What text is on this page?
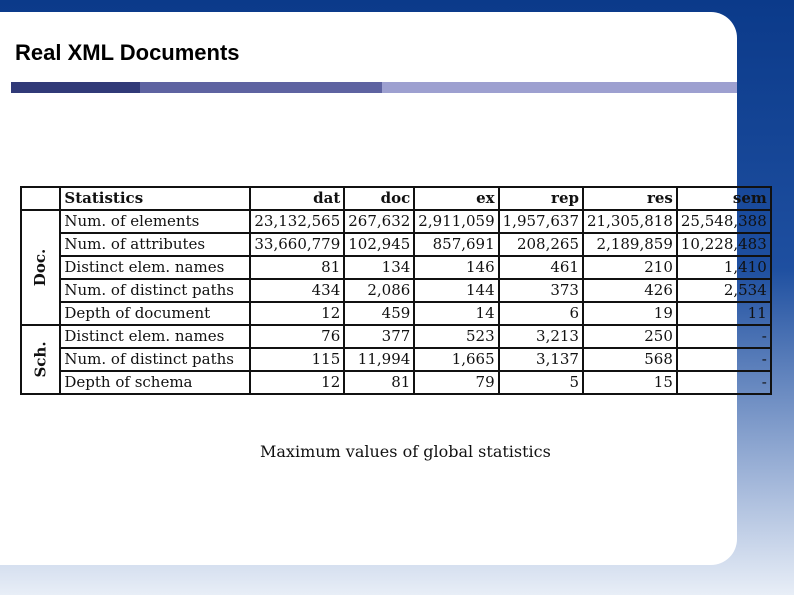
Real XML Documents
	Statistics	dat	doc	ex	rep	res	sem
Doc.	Num. of elements	23,132,565	267,632	2,911,059	1,957,637	21,305,818	25,548,388
	Num. of attributes	33,660,779	102,945	857,691	208,265	2,189,859	10,228,483
	Distinct elem. names	81	134	146	461	210	1,410
	Num. of distinct paths	434	2,086	144	373	426	2,534
	Depth of document	12	459	14	6	19	11
Sch.	Distinct elem. names	76	377	523	3,213	250	-
	Num. of distinct paths	115	11,994	1,665	3,137	568	-
	Depth of schema	12	81	79	5	15	-

Maximum values of global statistics
